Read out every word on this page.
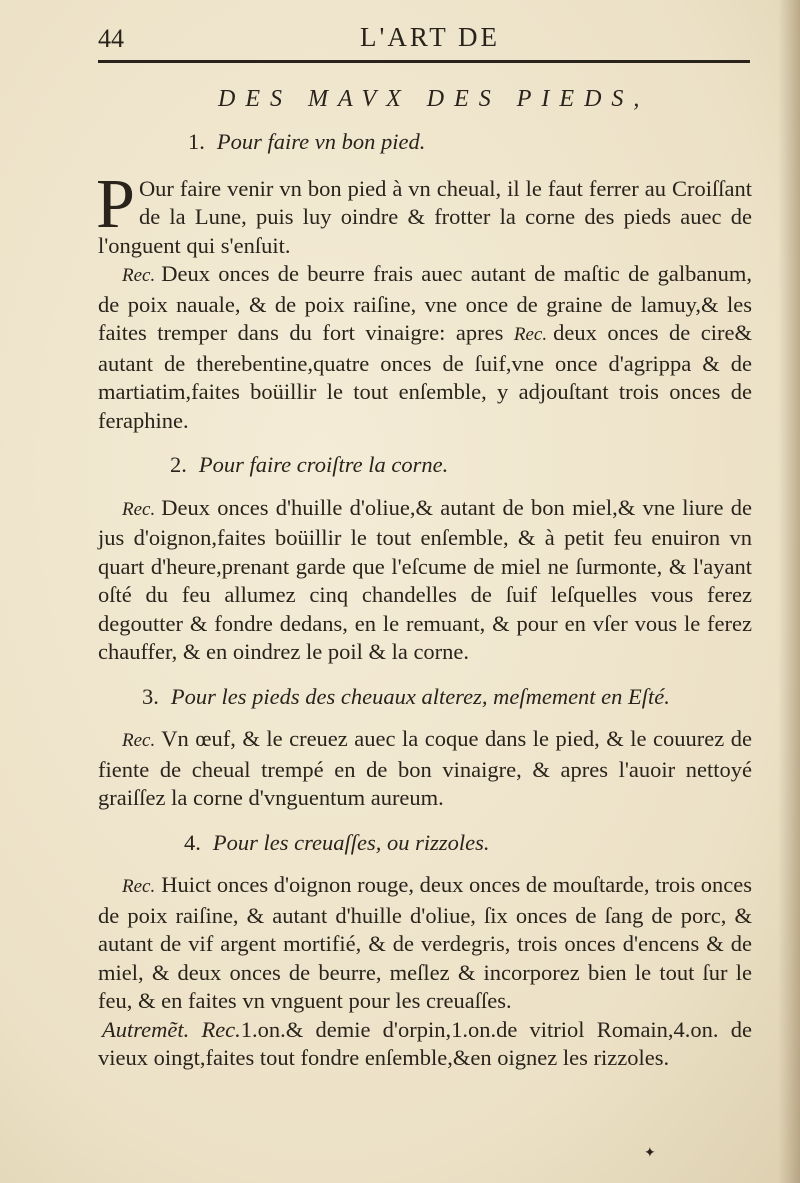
44	L'ART DE
DES MAVX DES PIEDS,

1. Pour faire vn bon pied.

P Our faire venir vn bon pied à vn cheual, il le faut ferrer au Croiſſant de la Lune, puis luy oindre & frotter la corne des pieds auec de l'onguent qui s'enſuit.

Rec. Deux onces de beurre frais auec autant de maſtic de galbanum, de poix nauale, & de poix raiſine, vne once de graine de lamuy,& les faites tremper dans du fort vinaigre: apres Rec. deux onces de cire& autant de therebentine,quatre onces de ſuif,vne once d'agrippa & de martiatim,faites boüillir le tout enſemble, y adjouſtant trois onces de feraphine.

2. Pour faire croiſtre la corne.

Rec. Deux onces d'huille d'oliue,& autant de bon miel,& vne liure de jus d'oignon,faites boüillir le tout enſemble, & à petit feu enuiron vn quart d'heure,prenant garde que l'eſcume de miel ne ſurmonte, & l'ayant oſté du feu allumez cinq chandelles de ſuif leſquelles vous ferez degoutter & fondre dedans, en le remuant, & pour en vſer vous le ferez chauffer, & en oindrez le poil & la corne.

3. Pour les pieds des cheuaux alterez, meſmement en Eſté.

Rec. Vn œuf, & le creuez auec la coque dans le pied, & le couurez de fiente de cheual trempé en de bon vinaigre, & apres l'auoir nettoyé graiſſez la corne d'vnguentum aureum.

4. Pour les creuaſſes, ou rizzoles.

Rec. Huict onces d'oignon rouge, deux onces de mouſtarde, trois onces de poix raiſine, & autant d'huille d'oliue, ſix onces de ſang de porc, & autant de vif argent mortifié, & de verdegris, trois onces d'encens & de miel, & deux onces de beurre, meſlez & incorporez bien le tout ſur le feu, & en faites vn vnguent pour les creuaſſes.

Autremẽt. Rec.1.on.& demie d'orpin,1.on.de vitriol Romain,4.on. de vieux oingt,faites tout fondre enſemble,&en oignez les rizzoles.

✦
